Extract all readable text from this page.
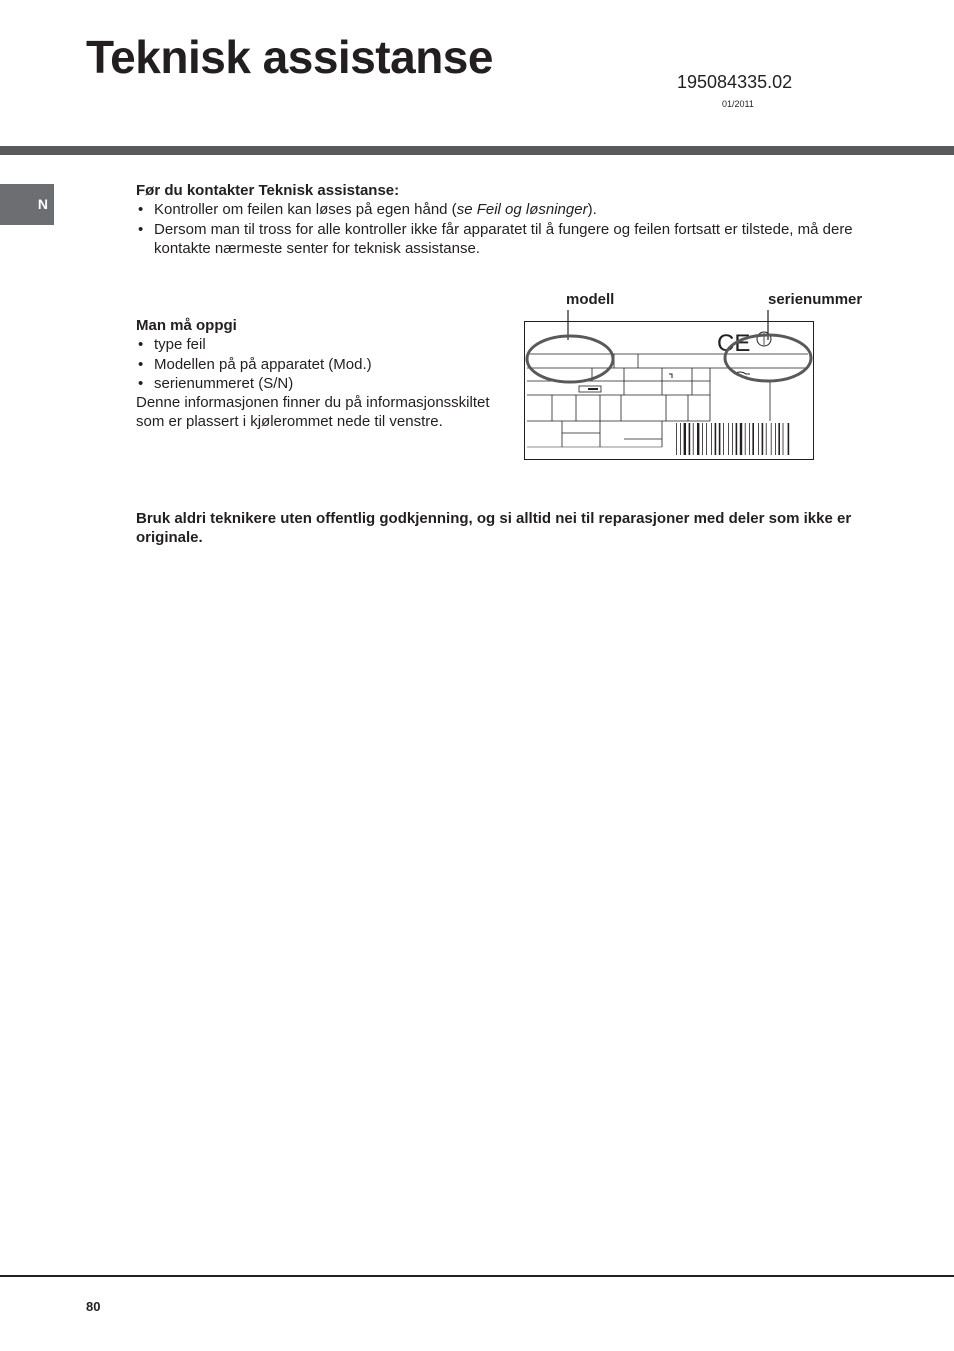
Teknisk assistanse	195084335.02
01/2011
N
Før du kontakter Teknisk assistanse:
• Kontroller om feilen kan løses på egen hånd (se Feil og løsninger).
• Dersom man til tross for alle kontroller ikke får apparatet til å fungere og feilen fortsatt er tilstede, må dere kontakte nærmeste senter for teknisk assistanse.
Man må oppgi
• type feil
• Modellen på på apparatet (Mod.)
• serienummeret (S/N)
Denne informasjonen finner du på informasjonsskiltet som er plassert i kjølerommet nede til venstre.
modell	serienummer
CE
Bruk aldri teknikere uten offentlig godkjenning, og si alltid nei til reparasjoner med deler som ikke er originale.
80
